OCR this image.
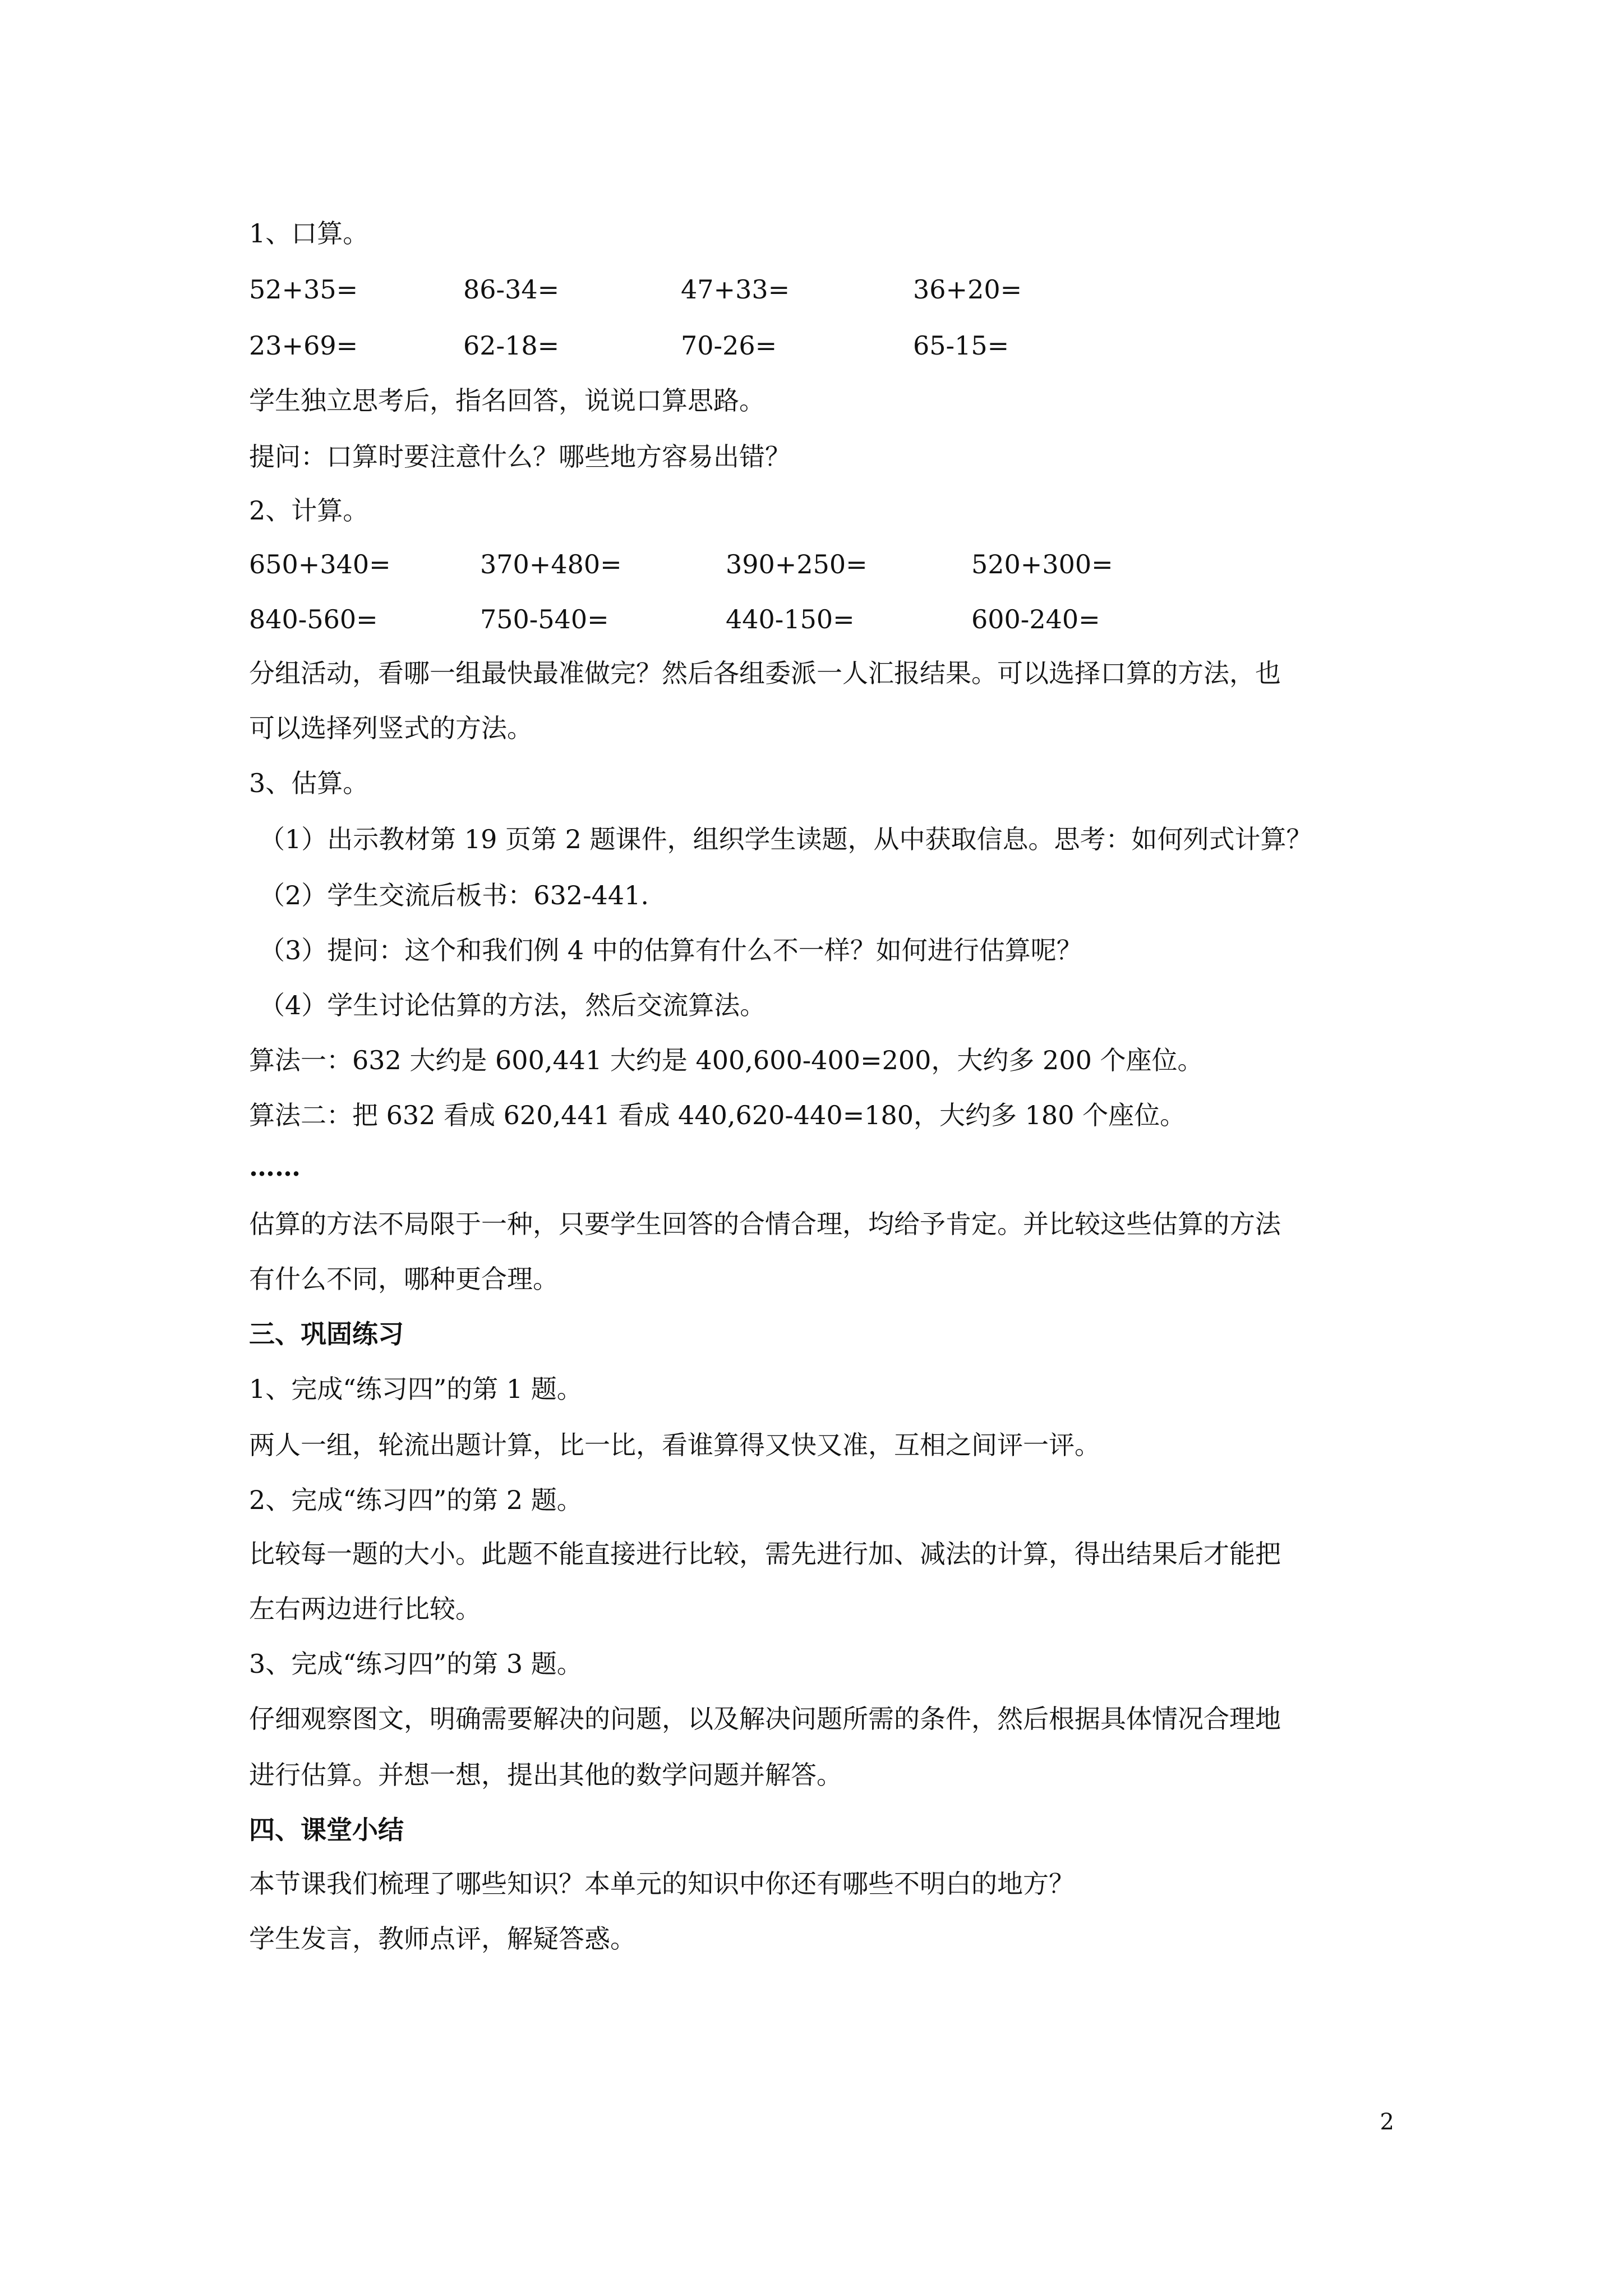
1、口算。
52+35=	86-34=	47+33=	36+20=
23+69=	62-18=	70-26=	65-15=
学生独立思考后，指名回答，说说口算思路。
提问：口算时要注意什么？哪些地方容易出错？
2、计算。
650+340=	370+480=	390+250=	520+300=
840-560=	750-540=	440-150=	600-240=
分组活动，看哪一组最快最准做完？然后各组委派一人汇报结果。可以选择口算的方法，也
可以选择列竖式的方法。
3、估算。
（1）出示教材第 19 页第 2 题课件，组织学生读题，从中获取信息。思考：如何列式计算？
（2）学生交流后板书：632-441.
（3）提问：这个和我们例 4 中的估算有什么不一样？如何进行估算呢？
（4）学生讨论估算的方法，然后交流算法。
算法一：632 大约是 600,441 大约是 400,600-400=200，大约多 200 个座位。
算法二：把 632 看成 620,441 看成 440,620-440=180，大约多 180 个座位。
……
估算的方法不局限于一种，只要学生回答的合情合理，均给予肯定。并比较这些估算的方法
有什么不同，哪种更合理。
三、巩固练习
1、完成“练习四”的第 1 题。
两人一组，轮流出题计算，比一比，看谁算得又快又准，互相之间评一评。
2、完成“练习四”的第 2 题。
比较每一题的大小。此题不能直接进行比较，需先进行加、减法的计算，得出结果后才能把
左右两边进行比较。
3、完成“练习四”的第 3 题。
仔细观察图文，明确需要解决的问题，以及解决问题所需的条件，然后根据具体情况合理地
进行估算。并想一想，提出其他的数学问题并解答。
四、课堂小结
本节课我们梳理了哪些知识？本单元的知识中你还有哪些不明白的地方？
学生发言，教师点评，解疑答惑。
2
